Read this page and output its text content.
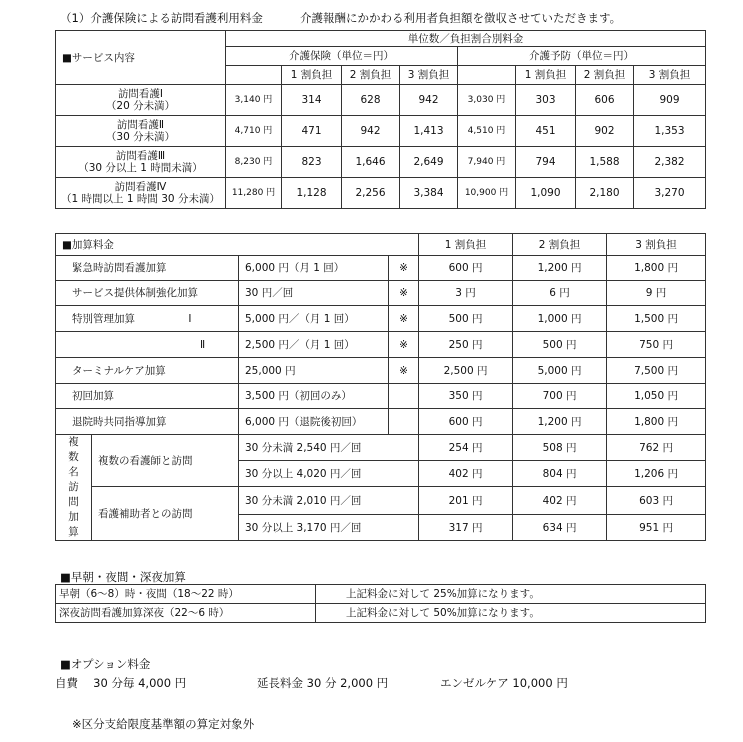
（1）介護保険による訪問看護利用料金	介護報酬にかかわる利用者負担額を徴収させていただきます。
■サービス内容	単位数／負担割合別料金							
	介護保険（単位＝円）				介護予防（単位＝円）			
		1 割負担	2 割負担	3 割負担		1 割負担	2 割負担	3 割負担

訪問看護Ⅰ
（20 分未満）	3,140 円	314	628	942	3,030 円	303	606	909

訪問看護Ⅱ
（30 分未満）	4,710 円	471	942	1,413	4,510 円	451	902	1,353

訪問看護Ⅲ
（30 分以上 1 時間未満）	8,230 円	823	1,646	2,649	7,940 円	794	1,588	2,382

訪問看護Ⅳ
（1 時間以上 1 時間 30 分未満）	11,280 円	1,128	2,256	3,384	10,900 円	1,090	2,180	3,270
■加算料金				1 割負担	2 割負担	3 割負担
緊急時訪問看護加算		6,000 円（月 1 回）	※	600 円	1,200 円	1,800 円
サービス提供体制強化加算		30 円／回	※	3 円	6 円	9 円
特別管理加算 Ⅰ		5,000 円／（月 1 回）	※	500 円	1,000 円	1,500 円
Ⅱ		2,500 円／（月 1 回）	※	250 円	500 円	750 円
ターミナルケア加算		25,000 円	※	2,500 円	5,000 円	7,500 円
初回加算		3,500 円（初回のみ）		350 円	700 円	1,050 円
退院時共同指導加算		6,000 円（退院後初回）		600 円	1,200 円	1,800 円

複数名訪問加算	複数の看護師と訪問	30 分未満 2,540 円／回		254 円	508 円	762 円
		30 分以上 4,020 円／回		402 円	804 円	1,206 円
	看護補助者との訪問	30 分未満 2,010 円／回		201 円	402 円	603 円
		30 分以上 3,170 円／回		317 円	634 円	951 円
■早朝・夜間・深夜加算
早朝（6～8）時・夜間（18～22 時）	上記料金に対して 25%加算になります。
深夜訪問看護加算深夜（22～6 時）	上記料金に対して 50%加算になります。
■オプション料金
自費　 30 分毎 4,000 円	延長料金 30 分 2,000 円	エンゼルケア 10,000 円
※区分支給限度基準額の算定対象外
